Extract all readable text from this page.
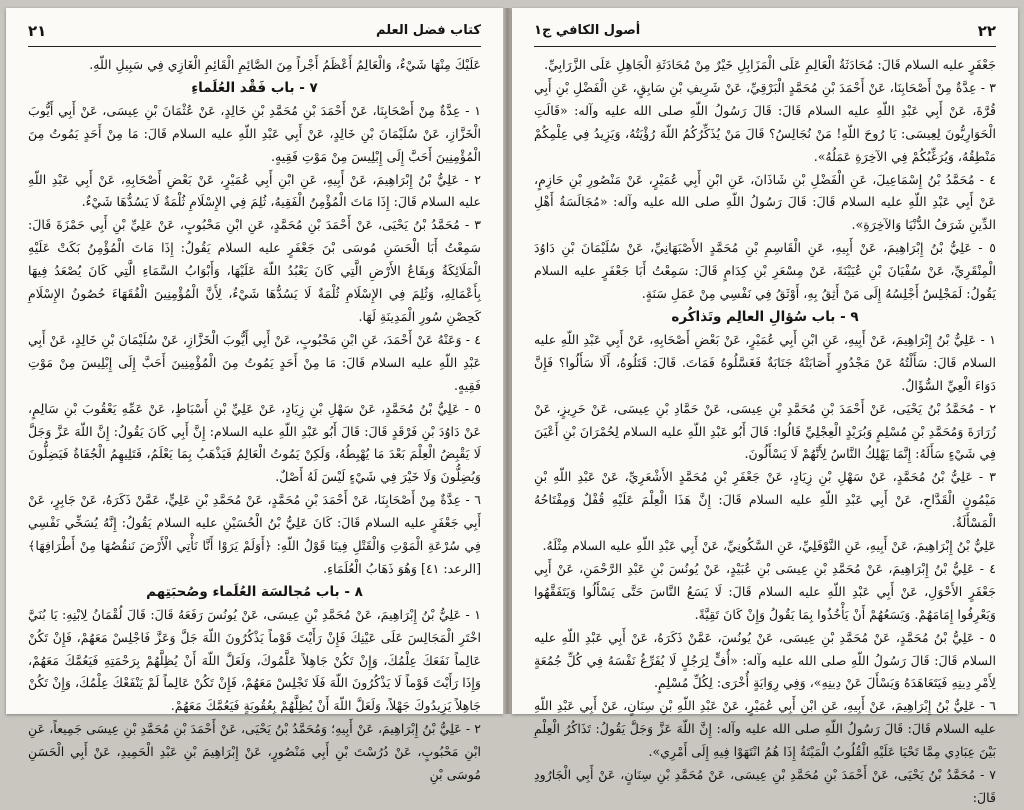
٢١	كتاب فضل العلم

عَلَيْكَ مِنْهَا شَيْءٌ، وَالْعَالِمُ أَعْظَمُ أَجْراً مِنَ الصَّائِمِ الْقَائِمِ الْغَازِي فِي سَبِيلِ اللّهِ.

٧ - باب فَقْد العُلَماءِ

١ - عِدَّةٌ مِنْ أَصْحَابِنَا، عَنْ أَحْمَدَ بْنِ مُحَمَّدِ بْنِ خَالِدٍ، عَنْ عُثْمَانَ بْنِ عِيسَى، عَنْ أَبِي أَيُّوبَ الْخَزَّازِ، عَنْ سُلَيْمَانَ بْنِ خَالِدٍ، عَنْ أَبِي عَبْدِ اللّهِ عليه السلام قَالَ: مَا مِنْ أَحَدٍ يَمُوتُ مِنَ الْمُؤْمِنِينَ أَحَبَّ إِلَى إِبْلِيسَ مِنْ مَوْتِ فَقِيهٍ.

٢ - عَلِيُّ بْنُ إِبْرَاهِيمَ، عَنْ أَبِيهِ، عَنِ ابْنِ أَبِي عُمَيْرٍ، عَنْ بَعْضِ أَصْحَابِهِ، عَنْ أَبِي عَبْدِ اللّهِ عليه السلام قَالَ: إِذَا مَاتَ الْمُؤْمِنُ الْفَقِيهُ، ثُلِمَ فِي الإِسْلَامِ ثُلْمَةٌ لَا يَسُدُّهَا شَيْءٌ.

٣ - مُحَمَّدُ بْنُ يَحْيَى، عَنْ أَحْمَدَ بْنِ مُحَمَّدٍ، عَنِ ابْنِ مَحْبُوبٍ، عَنْ عَلِيِّ بْنِ أَبِي حَمْزَةَ قَالَ: سَمِعْتُ أَبَا الْحَسَنِ مُوسَى بْنَ جَعْفَرٍ عليه السلام يَقُولُ: إِذَا مَاتَ الْمُؤْمِنُ بَكَتْ عَلَيْهِ الْمَلَائِكَةُ وَبِقَاعُ الأَرْضِ الَّتِي كَانَ يَعْبُدُ اللّهَ عَلَيْهَا، وَأَبْوَابُ السَّمَاءِ الَّتِي كَانَ يُصْعَدُ فِيهَا بِأَعْمَالِهِ، وَثُلِمَ فِي الإِسْلَامِ ثُلْمَةٌ لَا يَسُدُّهَا شَيْءٌ، لِأَنَّ الْمُؤْمِنِينَ الْفُقَهَاءَ حُصُونُ الإِسْلَامِ كَحِصْنِ سُورِ الْمَدِينَةِ لَهَا.

٤ - وَعَنْهُ عَنْ أَحْمَدَ، عَنِ ابْنِ مَحْبُوبٍ، عَنْ أَبِي أَيُّوبَ الْخَزَّازِ، عَنْ سُلَيْمَانَ بْنِ خَالِدٍ، عَنْ أَبِي عَبْدِ اللّهِ عليه السلام قَالَ: مَا مِنْ أَحَدٍ يَمُوتُ مِنَ الْمُؤْمِنِينَ أَحَبَّ إِلَى إِبْلِيسَ مِنْ مَوْتِ فَقِيهٍ.

٥ - عَلِيُّ بْنُ مُحَمَّدٍ، عَنْ سَهْلِ بْنِ زِيَادٍ، عَنْ عَلِيِّ بْنِ أَسْبَاطٍ، عَنْ عَمِّهِ يَعْقُوبَ بْنِ سَالِمٍ، عَنْ دَاوُدَ بْنِ فَرْقَدٍ قَالَ: قَالَ أَبُو عَبْدِ اللّهِ عليه السلام: إِنَّ أَبِي كَانَ يَقُولُ: إِنَّ اللّهَ عَزَّ وَجَلَّ لَا يَقْبِضُ الْعِلْمَ بَعْدَ مَا يُهْبِطُهُ، وَلَكِنْ يَمُوتُ الْعَالِمُ فَيَذْهَبُ بِمَا يَعْلَمُ، فَتَلِيهِمُ الْجُفَاةُ فَيَضِلُّونَ وَيُضِلُّونَ وَلَا خَيْرَ فِي شَيْءٍ لَيْسَ لَهُ أَصْلٌ.

٦ - عِدَّةٌ مِنْ أَصْحَابِنَا، عَنْ أَحْمَدَ بْنِ مُحَمَّدٍ، عَنْ مُحَمَّدِ بْنِ عَلِيٍّ، عَمَّنْ ذَكَرَهُ، عَنْ جَابِرٍ، عَنْ أَبِي جَعْفَرٍ عليه السلام قَالَ: كَانَ عَلِيُّ بْنُ الْحُسَيْنِ عليه السلام يَقُولُ: إِنَّهُ يُسَخِّي نَفْسِي فِي سُرْعَةِ الْمَوْتِ وَالْقَتْلِ فِينَا قَوْلُ اللّهِ: ﴿أَوَلَمْ يَرَوْا أَنَّا نَأْتِي الْأَرْضَ نَنقُصُهَا مِنْ أَطْرَافِهَا﴾ [الرعد: ٤١] وَهُوَ ذَهَابُ الْعُلَمَاءِ.

٨ - باب مُجالسَة العُلَماء وصُحبَتِهم

١ - عَلِيُّ بْنُ إِبْرَاهِيمَ، عَنْ مُحَمَّدِ بْنِ عِيسَى، عَنْ يُونُسَ رَفَعَهُ قَالَ: قَالَ لُقْمَانُ لِابْنِهِ: يَا بُنَيَّ اخْتَرِ الْمَجَالِسَ عَلَى عَيْنِكَ فَإِنْ رَأَيْتَ قَوْماً يَذْكُرُونَ اللّهَ جَلَّ وَعَزَّ فَاجْلِسْ مَعَهُمْ، فَإِنْ تَكُنْ عَالِماً نَفَعَكَ عِلْمُكَ، وَإِنْ تَكُنْ جَاهِلاً عَلَّمُوكَ، وَلَعَلَّ اللّهَ أَنْ يُظِلَّهُمْ بِرَحْمَتِهِ فَيَعُمَّكَ مَعَهُمْ، وَإِذَا رَأَيْتَ قَوْماً لَا يَذْكُرُونَ اللّهَ فَلَا تَجْلِسْ مَعَهُمْ، فَإِنْ تَكُنْ عَالِماً لَمْ يَنْفَعْكَ عِلْمُكَ، وَإِنْ تَكُنْ جَاهِلاً يَزِيدُوكَ جَهْلاً، وَلَعَلَّ اللّهَ أَنْ يُظِلَّهُمْ بِعُقُوبَةٍ فَيَعُمَّكَ مَعَهُمْ.

٢ - عَلِيُّ بْنُ إِبْرَاهِيمَ، عَنْ أَبِيهِ؛ وَمُحَمَّدُ بْنُ يَحْيَى، عَنْ أَحْمَدَ بْنِ مُحَمَّدِ بْنِ عِيسَى جَمِيعاً، عَنِ ابْنِ مَحْبُوبٍ، عَنْ دُرُسْتَ بْنِ أَبِي مَنْصُورٍ، عَنْ إِبْرَاهِيمَ بْنِ عَبْدِ الْحَمِيدِ، عَنْ أَبِي الْحَسَنِ مُوسَى بْنِ

٢٢
أصول الكافي ج١

جَعْفَرٍ عليه السلام قَالَ: مُحَادَثَةُ الْعَالِمِ عَلَى الْمَزَابِلِ خَيْرٌ مِنْ مُحَادَثَةِ الْجَاهِلِ عَلَى الزَّرَابِيِّ.

٣ - عِدَّةٌ مِنْ أَصْحَابِنَا، عَنْ أَحْمَدَ بْنِ مُحَمَّدٍ الْبَرْقِيِّ، عَنْ شَرِيفِ بْنِ سَابِقٍ، عَنِ الْفَضْلِ بْنِ أَبِي قُرَّةَ، عَنْ أَبِي عَبْدِ اللّهِ عليه السلام قَالَ: قَالَ رَسُولُ اللّهِ صلى الله عليه وآله: «قَالَتِ الْحَوَارِيُّونَ لِعِيسَى: يَا رُوحَ اللّهِ! مَنْ نُجَالِسُ؟ قَالَ مَنْ يُذَكِّرُكُمُ اللّهَ رُؤْيَتُهُ، وَيَزِيدُ فِي عِلْمِكُمْ مَنْطِقُهُ، وَيُرَغِّبُكُمْ فِي الآخِرَةِ عَمَلُهُ».

٤ - مُحَمَّدُ بْنُ إِسْمَاعِيلَ، عَنِ الْفَضْلِ بْنِ شَاذَانَ، عَنِ ابْنِ أَبِي عُمَيْرٍ، عَنْ مَنْصُورِ بْنِ حَازِمٍ، عَنْ أَبِي عَبْدِ اللّهِ عليه السلام قَالَ: قَالَ رَسُولُ اللّهِ صلى الله عليه وآله: «مُجَالَسَةُ أَهْلِ الدِّينِ شَرَفُ الدُّنْيَا وَالآخِرَةِ».

٥ - عَلِيُّ بْنُ إِبْرَاهِيمَ، عَنْ أَبِيهِ، عَنِ الْقَاسِمِ بْنِ مُحَمَّدٍ الأَصْبَهَانِيِّ، عَنْ سُلَيْمَانَ بْنِ دَاوُدَ الْمِنْقَرِيِّ، عَنْ سُفْيَانَ بْنِ عُيَيْنَةَ، عَنْ مِسْعَرِ بْنِ كِدَامٍ قَالَ: سَمِعْتُ أَبَا جَعْفَرٍ عليه السلام يَقُولُ: لَمَجْلِسٌ أَجْلِسُهُ إِلَى مَنْ أَثِقُ بِهِ، أَوْثَقُ فِي نَفْسِي مِنْ عَمَلِ سَنَةٍ.

٩ - باب سُؤالِ العالِم وتَذاكُره

١ - عَلِيُّ بْنُ إِبْرَاهِيمَ، عَنْ أَبِيهِ، عَنِ ابْنِ أَبِي عُمَيْرٍ، عَنْ بَعْضِ أَصْحَابِهِ، عَنْ أَبِي عَبْدِ اللّهِ عليه السلام قَالَ: سَأَلْتُهُ عَنْ مَجْدُورٍ أَصَابَتْهُ جَنَابَةٌ فَغَسَّلُوهُ فَمَاتَ. قَالَ: قَتَلُوهُ، أَلَا سَأَلُوا؟ فَإِنَّ دَوَاءَ الْعِيِّ السُّؤَالُ.

٢ - مُحَمَّدُ بْنُ يَحْيَى، عَنْ أَحْمَدَ بْنِ مُحَمَّدِ بْنِ عِيسَى، عَنْ حَمَّادِ بْنِ عِيسَى، عَنْ حَرِيزٍ، عَنْ زُرَارَةَ وَمُحَمَّدِ بْنِ مُسْلِمٍ وَبُرَيْدٍ الْعِجْلِيِّ قَالُوا: قَالَ أَبُو عَبْدِ اللّهِ عليه السلام لِحُمْرَانَ بْنِ أَعْيَنَ فِي شَيْءٍ سَأَلَهُ: إِنَّمَا يَهْلِكُ النَّاسُ لِأَنَّهُمْ لَا يَسْأَلُونَ.

٣ - عَلِيُّ بْنُ مُحَمَّدٍ، عَنْ سَهْلِ بْنِ زِيَادٍ، عَنْ جَعْفَرِ بْنِ مُحَمَّدٍ الأَشْعَرِيِّ، عَنْ عَبْدِ اللّهِ بْنِ مَيْمُونٍ الْقَدَّاحِ، عَنْ أَبِي عَبْدِ اللّهِ عليه السلام قَالَ: إِنَّ هَذَا الْعِلْمَ عَلَيْهِ قُفْلٌ وَمِفْتَاحُهُ الْمَسْأَلَةُ.

عَلِيُّ بْنُ إِبْرَاهِيمَ، عَنْ أَبِيهِ، عَنِ النَّوْفَلِيِّ، عَنِ السَّكُونِيِّ، عَنْ أَبِي عَبْدِ اللّهِ عليه السلام مِثْلَهُ.

٤ - عَلِيُّ بْنُ إِبْرَاهِيمَ، عَنْ مُحَمَّدِ بْنِ عِيسَى بْنِ عُبَيْدٍ، عَنْ يُونُسَ بْنِ عَبْدِ الرَّحْمَنِ، عَنْ أَبِي جَعْفَرٍ الأَحْوَلِ، عَنْ أَبِي عَبْدِ اللّهِ عليه السلام قَالَ: لَا يَسَعُ النَّاسَ حَتَّى يَسْأَلُوا وَيَتَفَقَّهُوا وَيَعْرِفُوا إِمَامَهُمْ. وَيَسَعُهُمْ أَنْ يَأْخُذُوا بِمَا يَقُولُ وَإِنْ كَانَ تَقِيَّةً.

٥ - عَلِيُّ بْنُ مُحَمَّدٍ، عَنْ مُحَمَّدِ بْنِ عِيسَى، عَنْ يُونُسَ، عَمَّنْ ذَكَرَهُ، عَنْ أَبِي عَبْدِ اللّهِ عليه السلام قَالَ: قَالَ رَسُولُ اللّهِ صلى الله عليه وآله: «أُفٍّ لِرَجُلٍ لَا يُفَرِّغُ نَفْسَهُ فِي كُلِّ جُمُعَةٍ لِأَمْرِ دِينِهِ فَيَتَعَاهَدَهُ وَيَسْأَلَ عَنْ دِينِهِ»، وَفِي رِوَايَةٍ أُخْرَى: لِكُلِّ مُسْلِمٍ.

٦ - عَلِيُّ بْنُ إِبْرَاهِيمَ، عَنْ أَبِيهِ، عَنِ ابْنِ أَبِي عُمَيْرٍ، عَنْ عَبْدِ اللّهِ بْنِ سِنَانٍ، عَنْ أَبِي عَبْدِ اللّهِ عليه السلام قَالَ: قَالَ رَسُولُ اللّهِ صلى الله عليه وآله: إِنَّ اللّهَ عَزَّ وَجَلَّ يَقُولُ: تَذَاكُرُ الْعِلْمِ بَيْنَ عِبَادِي مِمَّا تَحْيَا عَلَيْهِ الْقُلُوبُ الْمَيْتَةُ إِذَا هُمُ انْتَهَوْا فِيهِ إِلَى أَمْرِي».

٧ - مُحَمَّدُ بْنُ يَحْيَى، عَنْ أَحْمَدَ بْنِ مُحَمَّدِ بْنِ عِيسَى، عَنْ مُحَمَّدِ بْنِ سِنَانٍ، عَنْ أَبِي الْجَارُودِ قَالَ:
